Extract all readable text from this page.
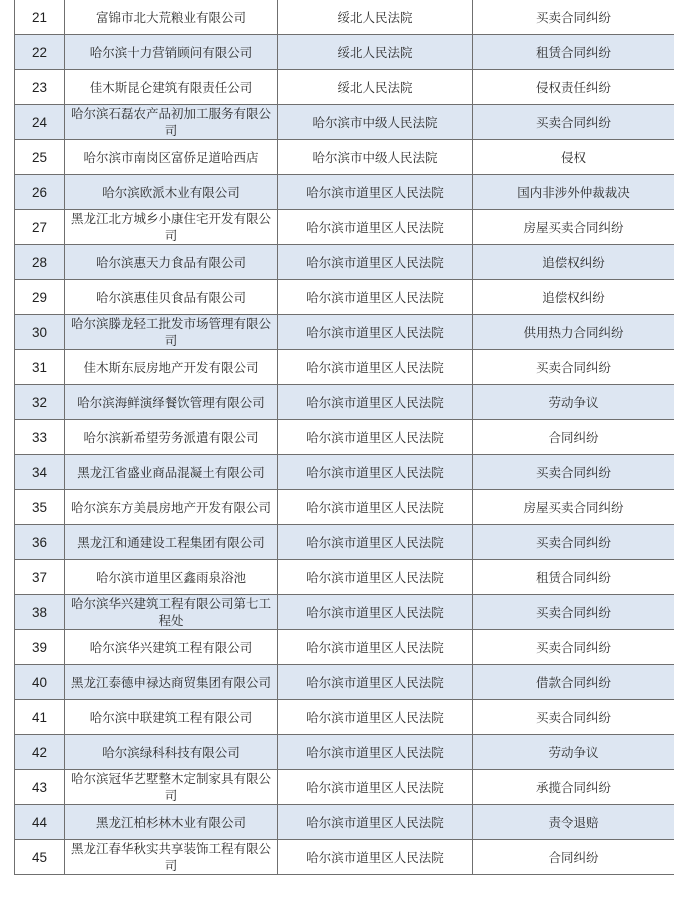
21	富锦市北大荒粮业有限公司	绥北人民法院	买卖合同纠纷

22	哈尔滨十力营销顾问有限公司	绥北人民法院	租赁合同纠纷

23	佳木斯昆仑建筑有限责任公司	绥北人民法院	侵权责任纠纷

24	哈尔滨石磊农产品初加工服务有限公司	哈尔滨市中级人民法院	买卖合同纠纷

25	哈尔滨市南岗区富侨足道哈西店	哈尔滨市中级人民法院	侵权

26	哈尔滨欧派木业有限公司	哈尔滨市道里区人民法院	国内非涉外仲裁裁决

27	黑龙江北方城乡小康住宅开发有限公司	哈尔滨市道里区人民法院	房屋买卖合同纠纷

28	哈尔滨惠天力食品有限公司	哈尔滨市道里区人民法院	追偿权纠纷

29	哈尔滨惠佳贝食品有限公司	哈尔滨市道里区人民法院	追偿权纠纷

30	哈尔滨滕龙轻工批发市场管理有限公司	哈尔滨市道里区人民法院	供用热力合同纠纷

31	佳木斯东辰房地产开发有限公司	哈尔滨市道里区人民法院	买卖合同纠纷

32	哈尔滨海鲜演绎餐饮管理有限公司	哈尔滨市道里区人民法院	劳动争议

33	哈尔滨新希望劳务派遣有限公司	哈尔滨市道里区人民法院	合同纠纷

34	黑龙江省盛业商品混凝土有限公司	哈尔滨市道里区人民法院	买卖合同纠纷

35	哈尔滨东方美晨房地产开发有限公司	哈尔滨市道里区人民法院	房屋买卖合同纠纷

36	黑龙江和通建设工程集团有限公司	哈尔滨市道里区人民法院	买卖合同纠纷

37	哈尔滨市道里区鑫雨泉浴池	哈尔滨市道里区人民法院	租赁合同纠纷

38	哈尔滨华兴建筑工程有限公司第七工程处	哈尔滨市道里区人民法院	买卖合同纠纷

39	哈尔滨华兴建筑工程有限公司	哈尔滨市道里区人民法院	买卖合同纠纷

40	黑龙江泰德申禄达商贸集团有限公司	哈尔滨市道里区人民法院	借款合同纠纷

41	哈尔滨中联建筑工程有限公司	哈尔滨市道里区人民法院	买卖合同纠纷

42	哈尔滨绿科科技有限公司	哈尔滨市道里区人民法院	劳动争议

43	哈尔滨冠华艺墅整木定制家具有限公司	哈尔滨市道里区人民法院	承揽合同纠纷

44	黑龙江柏杉林木业有限公司	哈尔滨市道里区人民法院	责令退赔

45	黑龙江春华秋实共享装饰工程有限公司	哈尔滨市道里区人民法院	合同纠纷
